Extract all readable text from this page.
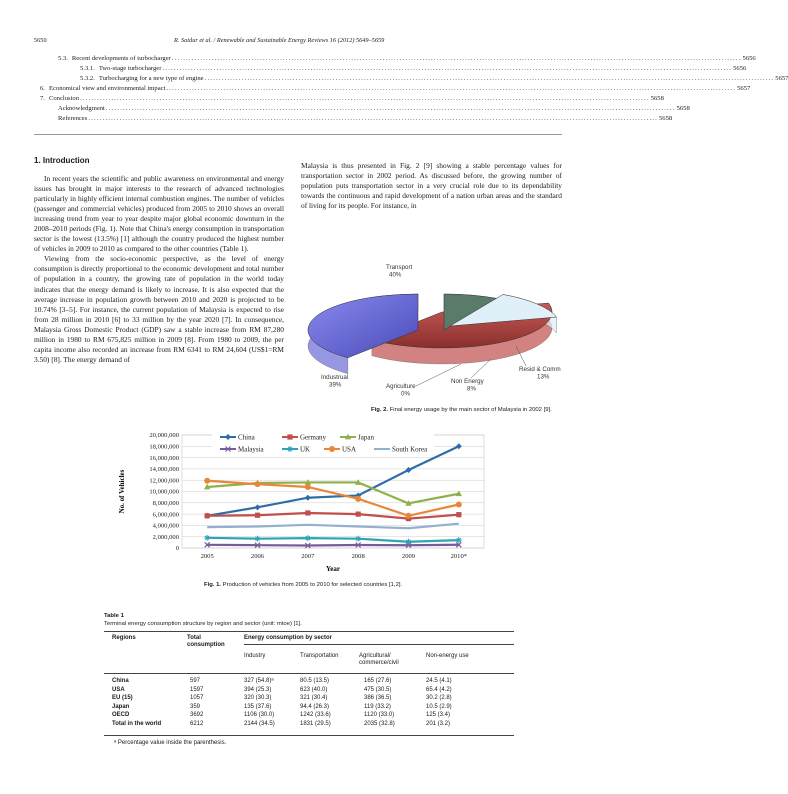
5650	R. Saidur et al. / Renewable and Sustainable Energy Reviews 16 (2012) 5649–5659
5.3. Recent developments of turbocharger ........................................................................................................................................................................................................ 5656
5.3.1. Two-stage turbocharger ........................................................................................................................................................................................................ 5656
5.3.2. Turbocharging for a new type of engine ........................................................................................................................................................................................................ 5657
6. Economical view and environmental impact ........................................................................................................................................................................................................ 5657
7. Conclusion ........................................................................................................................................................................................................ 5658
Acknowledgment ........................................................................................................................................................................................................ 5658
References ........................................................................................................................................................................................................ 5658
1. Introduction

In recent years the scientific and public awareness on environmental and energy issues has brought in major interests to the research of advanced technologies particularly in highly efficient internal combustion engines. The number of vehicles (passenger and commercial vehicles) produced from 2005 to 2010 shows an overall increasing trend from year to year despite major global economic downturn in the 2008–2010 periods (Fig. 1). Note that China's energy consumption in transportation sector is the lowest (13.5%) [1] although the country produced the highest number of vehicles in 2009 to 2010 as compared to the other countries (Table 1).

Viewing from the socio-economic perspective, as the level of energy consumption is directly proportional to the economic development and total number of population in a country, the growing rate of population in the world today indicates that the energy demand is likely to increase. It is also expected that the average increase in population growth between 2010 and 2020 is projected to be 10.74% [3–5]. For instance, the current population of Malaysia is expected to rise from 28 million in 2010 [6] to 33 million by the year 2020 [7]. In consequence, Malaysia Gross Domestic Product (GDP) saw a stable increase from RM 87,280 million in 1980 to RM 675,825 million in 2009 [8]. From 1980 to 2009, the per capita income also recorded an increase from RM 6341 to RM 24,604 (US$1=RM 3.50) [8]. The energy demand of

Malaysia is thus presented in Fig. 2 [9] showing a stable percentage values for transportation sector in 2002 period. As discussed before, the growing number of population puts transportation sector in a very crucial role due to its dependability towards the continuous and rapid development of a nation urban areas and the standard of living for its people. For instance, in

Transport 40%
Industrual 39%	Agriculture 0%
Non Energy 8%
Resid & Comm 13%
Fig. 2. Final energy usage by the main sector of Malaysia in 2002 [9].
0
2,000,000
4,000,000
6,000,000
8,000,000
10,000,000
12,000,000
14,000,000
16,000,000
18,000,000
20,000,000
2005	2006	2007	2008	2009	2010*
Year
No. of Vehicles
China	Germany	Japan
Malaysia	UK	USA	South Korea
Fig. 1. Production of vehicles from 2005 to 2010 for selected countries [1,2].
Table 1
Terminal energy consumption structure by region and sector (unit: mtoe) [1].
Regions	Total consumption
Energy consumption by sector
Industry	Transportation	Agricultural/ commerce/civil
Non-energy use
China	597	327 (54.8)ᵃ	80.5 (13.5)	165 (27.6)	24.5 (4.1)
USA	1597	394 (25.3)	623 (40.0)	475 (30.5)	65.4 (4.2)
EU (15)	1057	320 (30.3)	321 (30.4)	386 (36.5)	30.2 (2.8)
Japan	359	135 (37.6)	94.4 (26.3)	119 (33.2)	10.5 (2.9)
OECD	3692	1106 (30.0)	1242 (33.6)	1120 (33.0)	125 (3.4)
Total in the world	6212	2144 (34.5)	1831 (29.5)	2035 (32.8)	201 (3.2)
ᵃ Percentage value inside the parenthesis.
